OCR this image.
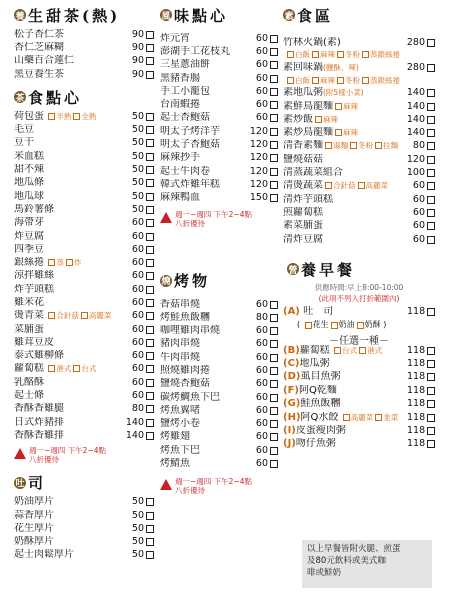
養 生甜茶(熱)
松子杏仁茶	90
杏仁芝麻糊	90
山藥百合蓮仁	90
黑豆養生茶	90
茶 食點心
荷包蛋 半熟 全熟	50
毛豆	50
豆干	50
米血糕	50
甜不辣	50
地瓜條	50
地瓜球	50
馬鈴薯條	50
海帶芽	60
炸豆腐	60
四季豆	60
銀絲捲 蒸 炸	60
涼拌雞絲	60
炸芋頭糕	60
雞米花	60
燙青菜 合針菇 高麗菜	60
菜脯蛋	60
雞茸豆皮	60
泰式雞柳條	60
蘿蔔糕 港式 台式	60
乳酪酥	60
起士條	60
香酥香雞腿	80
日式炸豬排	140
香酥香雞排	140
週一~週四 下午2~4點
八折優待
吐 司
奶油厚片	50
蒜香厚片	50
花生厚片	50
奶酥厚片	50
起士肉鬆厚片	50
風 味點心
炸元宵	60
澎湖手工花枝丸	60
三星蔥油餅	60
黑豬香腸	60
手工小籠包	60
台南蝦捲	60
起士杏鮑菇	60
明太子烤洋芋	120
明太子杏鮑菇	120
麻辣抄手	120
起士牛肉卷	120
韓式炸雞年糕	120
麻辣鴨血	150
週一~週四 下午2~4點
八折優待
燒 烤物
香菇串燒	60
烤鮭魚飯糰	80
咖哩雞肉串燒	60
豬肉串燒	60
牛肉串燒	60
照燒雞肉捲	60
鹽燒杏鮑菇	60
碳烤鯛魚下巴	60
烤魚翼啫	60
鹽烤小卷	60
烤雞翅	60
烤魚下巴	60
烤鯖魚	60
週一~週四 下午2~4點
八折優待
素 食區
竹林火鍋(素)	280
白飯 麻辣 冬粉 蒸銀絲捲
素回味鍋(鹽酥、辣)	280
白飯 麻辣 冬粉 蒸銀絲捲
素地瓜粥(附5樣小菜)	140
素鮮鳥龍麵 麻辣	140
素炒飯 麻辣	140
素炒鳥龍麵 麻辣	140
清香素麵 湯麵 冬粉 拉麵	80
鹽燒菇菇	120
清蒸蔬菜組合	100
清燙蔬菜 合針菇 高麗菜	60
清炸芋頭糕	60
煎蘿蔔糕	60
素菜脯蛋	60
清炸豆腐	60
營 養早餐
供應時間:早上8:00-10:00
(此項不列入打折範圍內)
(A) 吐　司	118
( 花生 奶油 奶酥 )
－任選一種－
(B)蘿蔔糕 台式 港式	118
(C)地瓜粥	118
(D)虱目魚粥	118
(F)阿Q乾麵	118
(G)鮭魚飯糰	118
(H)阿Q水餃 高麗菜 韭菜 118
(I)皮蛋瘦肉粥	118
(J)吻仔魚粥	118
以上早餐皆附火腿、煎蛋
及80元飲料或美式咖
啡或鮮奶
